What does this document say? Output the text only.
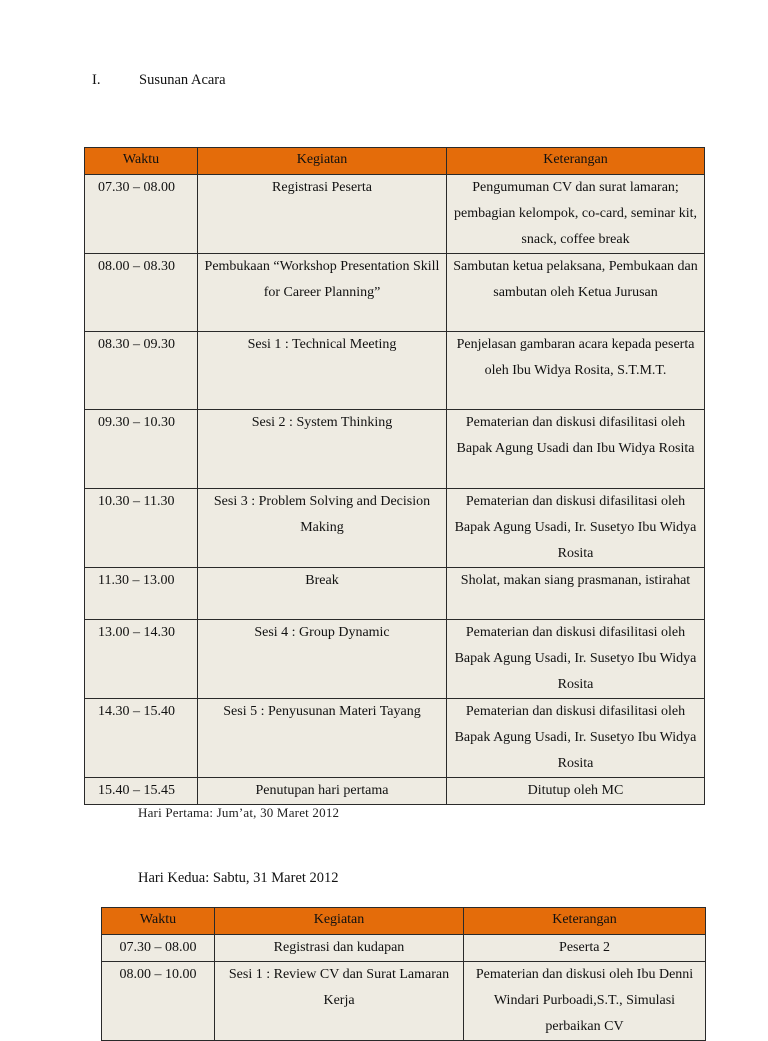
I.	Susunan Acara
Waktu	Kegiatan	Keterangan
07.30 – 08.00	Registrasi Peserta	Pengumuman CV dan surat lamaran; pembagian kelompok, co-card, seminar kit, snack, coffee break
08.00 – 08.30	Pembukaan “Workshop Presentation Skill for Career Planning”	Sambutan ketua pelaksana, Pembukaan dan sambutan oleh Ketua Jurusan
08.30 – 09.30	Sesi 1 : Technical Meeting	Penjelasan gambaran acara kepada peserta oleh Ibu Widya Rosita, S.T.M.T.
09.30 – 10.30	Sesi 2 : System Thinking	Pematerian dan diskusi difasilitasi oleh Bapak Agung Usadi dan Ibu Widya Rosita
10.30 – 11.30	Sesi 3 : Problem Solving and Decision Making	Pematerian dan diskusi difasilitasi oleh Bapak Agung Usadi, Ir. Susetyo Ibu Widya Rosita
11.30 – 13.00	Break	Sholat, makan siang prasmanan, istirahat
13.00 – 14.30	Sesi 4 : Group Dynamic	Pematerian dan diskusi difasilitasi oleh Bapak Agung Usadi, Ir. Susetyo Ibu Widya Rosita
14.30 – 15.40	Sesi 5 : Penyusunan Materi Tayang	Pematerian dan diskusi difasilitasi oleh Bapak Agung Usadi, Ir. Susetyo Ibu Widya Rosita
15.40 – 15.45	Penutupan hari pertama	Ditutup oleh MC
Hari Pertama: Jum’at, 30 Maret 2012
Hari Kedua: Sabtu, 31 Maret 2012
Waktu	Kegiatan	Keterangan
07.30 – 08.00	Registrasi dan kudapan	Peserta 2
08.00 – 10.00	Sesi 1 : Review CV dan Surat Lamaran Kerja	Pematerian dan diskusi oleh Ibu Denni Windari Purboadi,S.T., Simulasi perbaikan CV
